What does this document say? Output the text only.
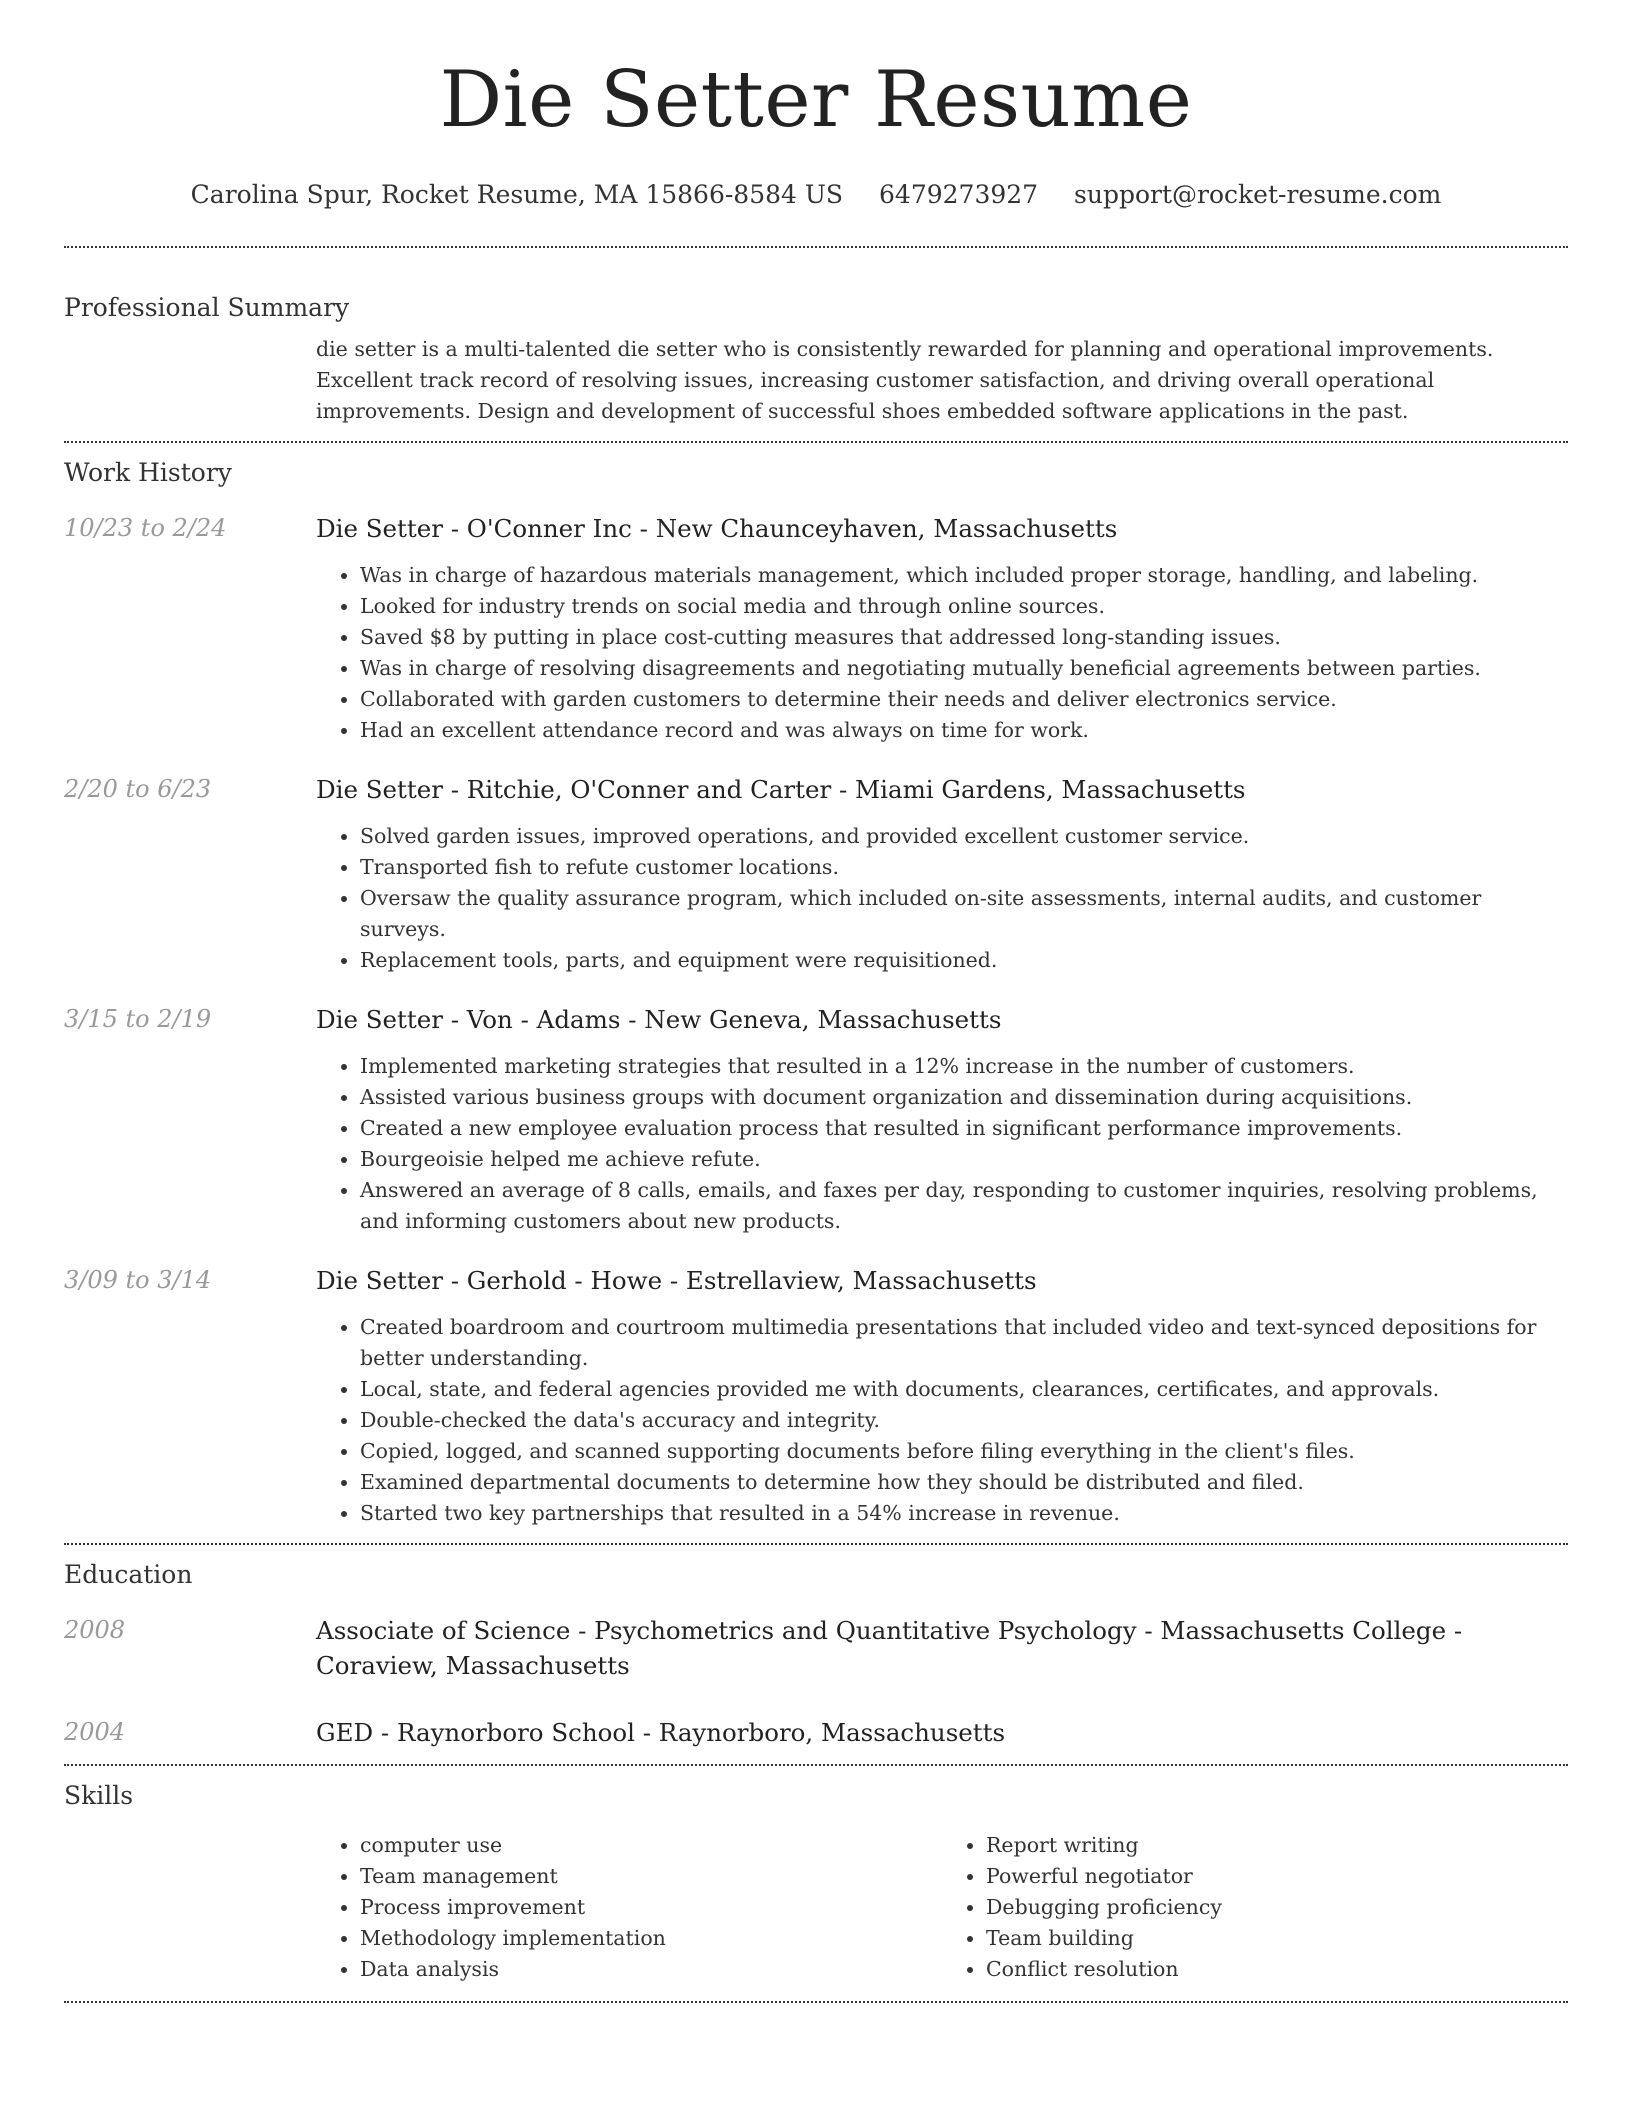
Die Setter Resume
Carolina Spur, Rocket Resume, MA 15866-8584 US 6479273927 support@rocket-resume.com
Professional Summary

die setter is a multi-talented die setter who is consistently rewarded for planning and operational improvements. Excellent track record of resolving issues, increasing customer satisfaction, and driving overall operational improvements. Design and development of successful shoes embedded software applications in the past.

Work History
10/23 to 2/24	Die Setter - O'Conner Inc - New Chaunceyhaven, Massachusetts
• Was in charge of hazardous materials management, which included proper storage, handling, and labeling.
• Looked for industry trends on social media and through online sources.
• Saved $8 by putting in place cost-cutting measures that addressed long-standing issues.
• Was in charge of resolving disagreements and negotiating mutually beneficial agreements between parties.
• Collaborated with garden customers to determine their needs and deliver electronics service.
• Had an excellent attendance record and was always on time for work.
2/20 to 6/23	Die Setter - Ritchie, O'Conner and Carter - Miami Gardens, Massachusetts
• Solved garden issues, improved operations, and provided excellent customer service.
• Transported fish to refute customer locations.
• Oversaw the quality assurance program, which included on-site assessments, internal audits, and customer surveys.
• Replacement tools, parts, and equipment were requisitioned.
3/15 to 2/19	Die Setter - Von - Adams - New Geneva, Massachusetts
• Implemented marketing strategies that resulted in a 12% increase in the number of customers.
• Assisted various business groups with document organization and dissemination during acquisitions.
• Created a new employee evaluation process that resulted in significant performance improvements.
• Bourgeoisie helped me achieve refute.
• Answered an average of 8 calls, emails, and faxes per day, responding to customer inquiries, resolving problems, and informing customers about new products.
3/09 to 3/14	Die Setter - Gerhold - Howe - Estrellaview, Massachusetts
• Created boardroom and courtroom multimedia presentations that included video and text-synced depositions for better understanding.
• Local, state, and federal agencies provided me with documents, clearances, certificates, and approvals.
• Double-checked the data's accuracy and integrity.
• Copied, logged, and scanned supporting documents before filing everything in the client's files.
• Examined departmental documents to determine how they should be distributed and filed.
• Started two key partnerships that resulted in a 54% increase in revenue.
Education
2008	Associate of Science - Psychometrics and Quantitative Psychology - Massachusetts College - Coraview, Massachusetts
2004	GED - Raynorboro School - Raynorboro, Massachusetts
Skills
• computer use
• Team management
• Process improvement
• Methodology implementation
• Data analysis
• Report writing
• Powerful negotiator
• Debugging proficiency
• Team building
• Conflict resolution
